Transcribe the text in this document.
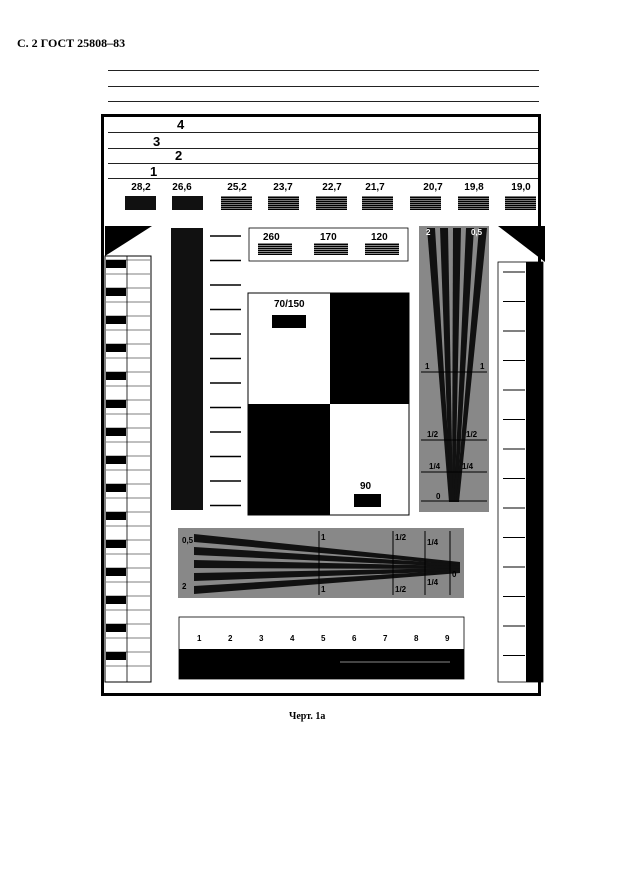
С. 2 ГОСТ 25808–83
4
3
2
1
28,2	26,6	25,2	23,7	22,7	21,7	20,7	19,8	19,0
260	170	120
70/150
90
2	0,5
1	1
1/2	1/2
1/4	1/4
0
0,5
2
1
1
1/2
1/2
1/4
1/4
0
1	2	3	4	5	6	7	8	9
Черт. 1а
